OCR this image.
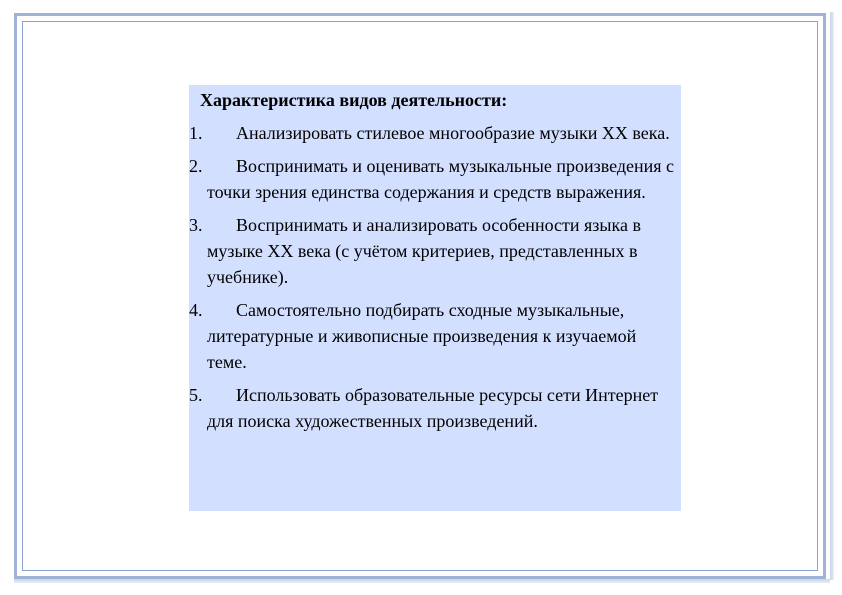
Характеристика видов деятельности:
1.	Анализировать стилевое многообразие музыки XX века.
2.	Воспринимать и оценивать музыкальные произведения с точки зрения единства содержания и средств выражения.
3.	Воспринимать и анализировать особенности языка в музыке XX века (с учётом критериев, представленных в учебнике).
4.	Самостоятельно подбирать сходные музыкальные, литературные и живописные произведения к изучаемой теме.
5.	Использовать образовательные ресурсы сети Интернет для поиска художественных произведений.
